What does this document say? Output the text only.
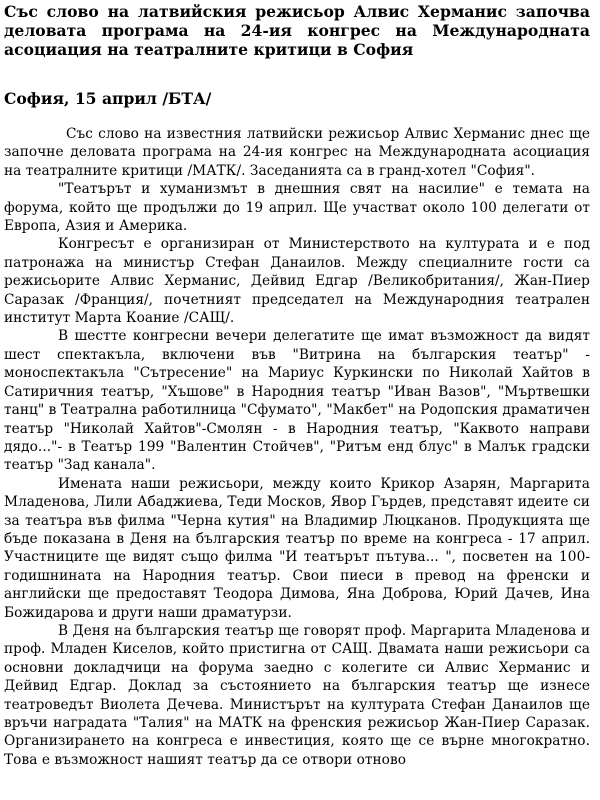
Със слово на латвийския режисьор Алвис Херманис започва деловата програма на 24-ия конгрес на Международната асоциация на театралните критици в София
София, 15 април /БТА/

Със слово на известния латвийски режисьор Алвис Херманис днес ще започне деловата програма на 24-ия конгрес на Международната асоциация на театралните критици /МАТК/. Заседанията са в гранд-хотел "София".

"Театърът и хуманизмът в днешния свят на насилие" е темата на форума, който ще продължи до 19 април. Ще участват около 100 делегати от Европа, Азия и Америка.

Конгресът е организиран от Министерството на културата и е под патронажа на министър Стефан Данаилов. Между специалните гости са режисьорите Алвис Херманис, Дейвид Едгар /Великобритания/, Жан-Пиер Саразак /Франция/, почетният председател на Международния театрален институт Марта Коание /САЩ/.

В шестте конгресни вечери делегатите ще имат възможност да видят шест спектакъла, включени във "Витрина на българския театър" - моноспектакъла "Сътресение" на Мариус Куркински по Николай Хайтов в Сатиричния театър, "Хъшове" в Народния театър "Иван Вазов", "Мъртвешки танц" в Театрална работилница "Сфумато", "Макбет" на Родопския драматичен театър "Николай Хайтов"-Смолян - в Народния театър, "Каквото направи дядо..."- в Театър 199 "Валентин Стойчев", "Ритъм енд блус" в Малък градски театър "Зад канала".

Имената наши режисьори, между които Крикор Азарян, Маргарита Младенова, Лили Абаджиева, Теди Москов, Явор Гърдев, представят идеите си за театъра във филма "Черна кутия" на Владимир Люцканов. Продукцията ще бъде показана в Деня на българския театър по време на конгреса - 17 април. Участниците ще видят също филма "И театърът пътува... ", посветен на 100-годишнината на Народния театър. Свои пиеси в превод на френски и английски ще предоставят Теодора Димова, Яна Доброва, Юрий Дачев, Ина Божидарова и други наши драматурзи.

В Деня на българския театър ще говорят проф. Маргарита Младенова и проф. Младен Киселов, който пристигна от САЩ. Двамата наши режисьори са основни докладчици на форума заедно с колегите си Алвис Херманис и Дейвид Едгар. Доклад за състоянието на българския театър ще изнесе театроведът Виолета Дечева. Министърът на културата Стефан Данаилов ще връчи наградата "Талия" на МАТК на френския режисьор Жан-Пиер Саразак. Организирането на конгреса е инвестиция, която ще се върне многократно. Това е възможност нашият театър да се отвори отново
